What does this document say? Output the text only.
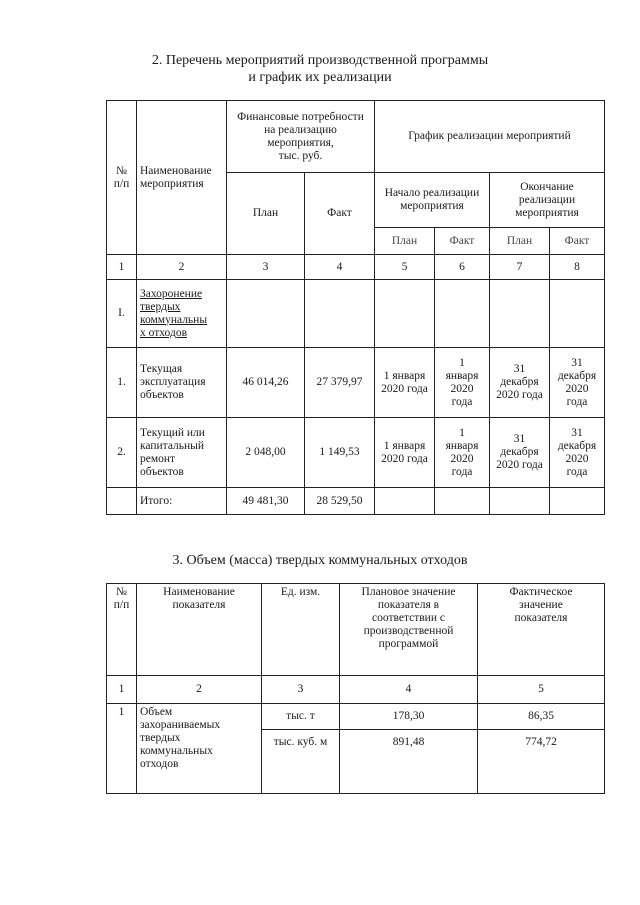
2. Перечень мероприятий производственной программы
и график их реализации
№
п/п	Наименование
мероприятия	Финансовые потребности
на реализацию
мероприятия,
тыс. руб.		График реализации мероприятий			
		План	Факт	Начало реализации
мероприятия		Окончание
реализации
мероприятия	
				План	Факт	План	Факт
1	2	3	4	5	6	7	8
I.	Захоронение
твердых
коммунальны
х отходов						
1.	Текущая
эксплуатация
объектов	46 014,26	27 379,97	1 января
2020 года	1
января
2020
года	31
декабря
2020 года	31
декабря
2020
года
2.	Текущий или
капитальный
ремонт
объектов	2 048,00	1 149,53	1 января
2020 года	1
января
2020
года	31
декабря
2020 года	31
декабря
2020
года
	Итого:	49 481,30	28 529,50				
3. Объем (масса) твердых коммунальных отходов
№
п/п	Наименование
показателя	Ед. изм.	Плановое значение
показателя в
соответствии с
производственной
программой	Фактическое
значение
показателя
1	2	3	4	5
1	Объем
захораниваемых
твердых
коммунальных
отходов	тыс. т	178,30	86,35
		тыс. куб. м	891,48	774,72
